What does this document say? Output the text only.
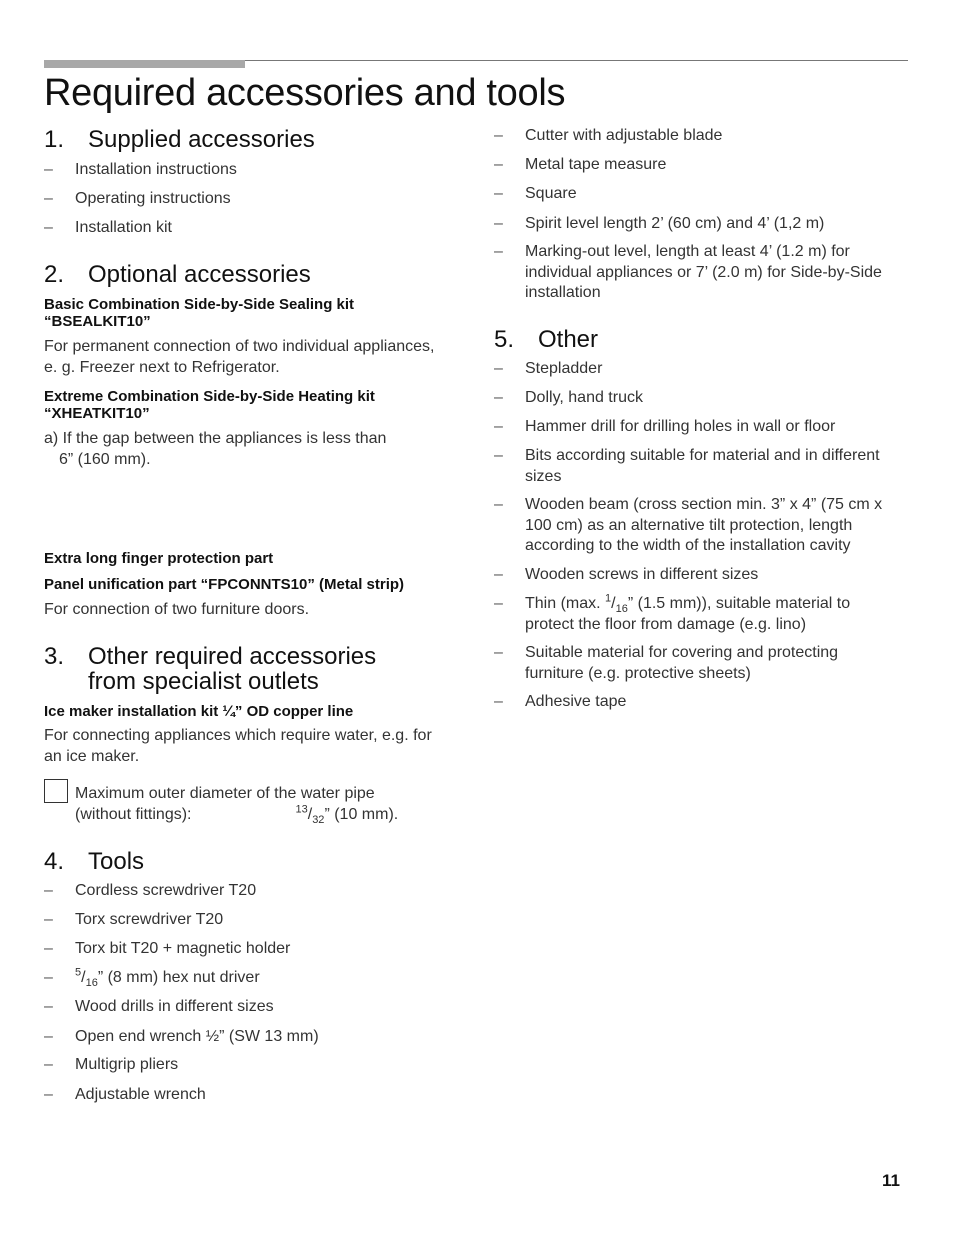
Required accessories and tools
1. Supplied accessories
– Installation instructions
– Operating instructions
– Installation kit
2. Optional accessories
Basic Combination Side-by-Side Sealing kit
“BSEALKIT10”
For permanent connection of two individual appliances,
e. g. Freezer next to Refrigerator.
Extreme Combination Side-by-Side Heating kit
“XHEATKIT10”
a) If the gap between the appliances is less than
6” (160 mm).
Extra long finger protection part
Panel unification part “FPCONNTS10” (Metal strip)
For connection of two furniture doors.
3. Other required accessories
from specialist outlets
Ice maker installation kit ¼” OD copper line
For connecting appliances which require water, e.g. for
an ice maker.
Maximum outer diameter of the water pipe
(without fittings):	$^{13}/_{32}$” (10 mm).
4. Tools
– Cordless screwdriver T20
– Torx screwdriver T20
– Torx bit T20 + magnetic holder
– $^5/_{16}$” (8 mm) hex nut driver
– Wood drills in different sizes
– Open end wrench ½” (SW 13 mm)
– Multigrip pliers
– Adjustable wrench
– Cutter with adjustable blade
– Metal tape measure
– Square
– Spirit level length 2’ (60 cm) and 4’ (1,2 m)
– Marking-out level, length at least 4’ (1.2 m) for
individual appliances or 7’ (2.0 m) for Side-by-Side
installation
5. Other
– Stepladder
– Dolly, hand truck
– Hammer drill for drilling holes in wall or floor
– Bits according suitable for material and in different
sizes
– Wooden beam (cross section min. 3” x 4” (75 cm x
100 cm) as an alternative tilt protection, length
according to the width of the installation cavity
– Wooden screws in different sizes
– Thin (max. $^1/_{16}$” (1.5 mm)), suitable material to
protect the floor from damage (e.g. lino)
– Suitable material for covering and protecting
furniture (e.g. protective sheets)
– Adhesive tape
11
